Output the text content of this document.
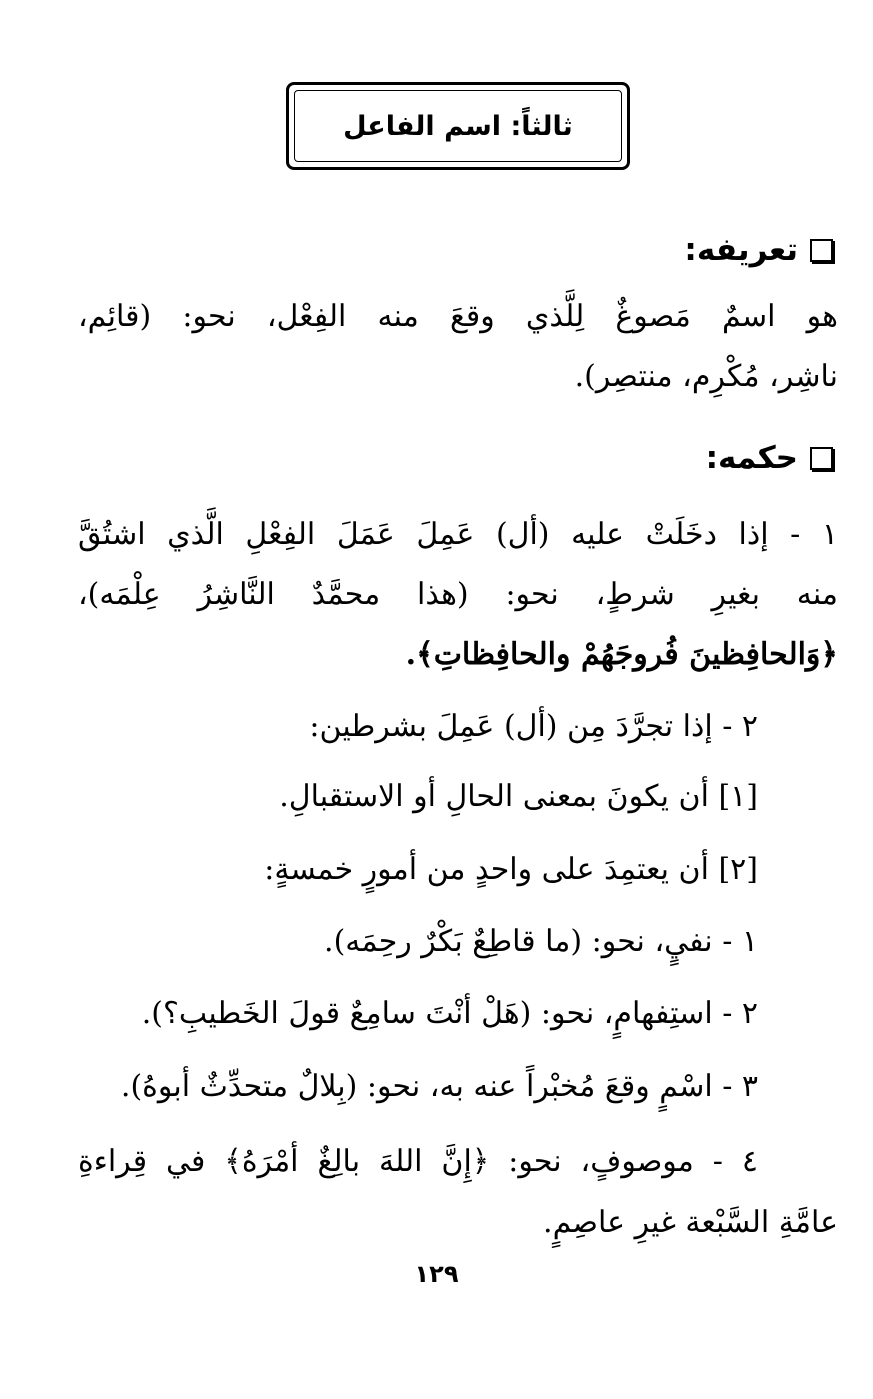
ثالثاً: اسم الفاعل
تعريفه:
هو اسمٌ مَصوغٌ لِلَّذي وقعَ منه الفِعْل، نحو: (قائِم،
ناشِر، مُكْرِم، منتصِر).
حكمه:
١ - إذا دخَلَتْ عليه (أل) عَمِلَ عَمَلَ الفِعْلِ الَّذي اشتُقَّ
منه بغيرِ شرطٍ، نحو: (هذا محمَّدٌ النَّاشِرُ عِلْمَه)،
﴿وَالحافِظينَ فُروجَهُمْ والحافِظاتِ﴾.
٢ - إذا تجرَّدَ مِن (أل) عَمِلَ بشرطين:
[١] أن يكونَ بمعنى الحالِ أو الاستقبالِ.
[٢] أن يعتمِدَ على واحدٍ من أمورٍ خمسةٍ:
١ - نفيٍ، نحو: (ما قاطِعٌ بَكْرٌ رحِمَه).
٢ - استِفهامٍ، نحو: (هَلْ أنْتَ سامِعٌ قولَ الخَطيبِ؟).
٣ - اسْمٍ وقعَ مُخبْراً عنه به، نحو: (بِلالٌ متحدِّثٌ أبوهُ).
٤ - موصوفٍ، نحو: ﴿إِنَّ اللهَ بالِغٌ أمْرَهُ﴾ في قِراءةِ
عامَّةِ السَّبْعة غيرِ عاصِمٍ.
١٢٩
